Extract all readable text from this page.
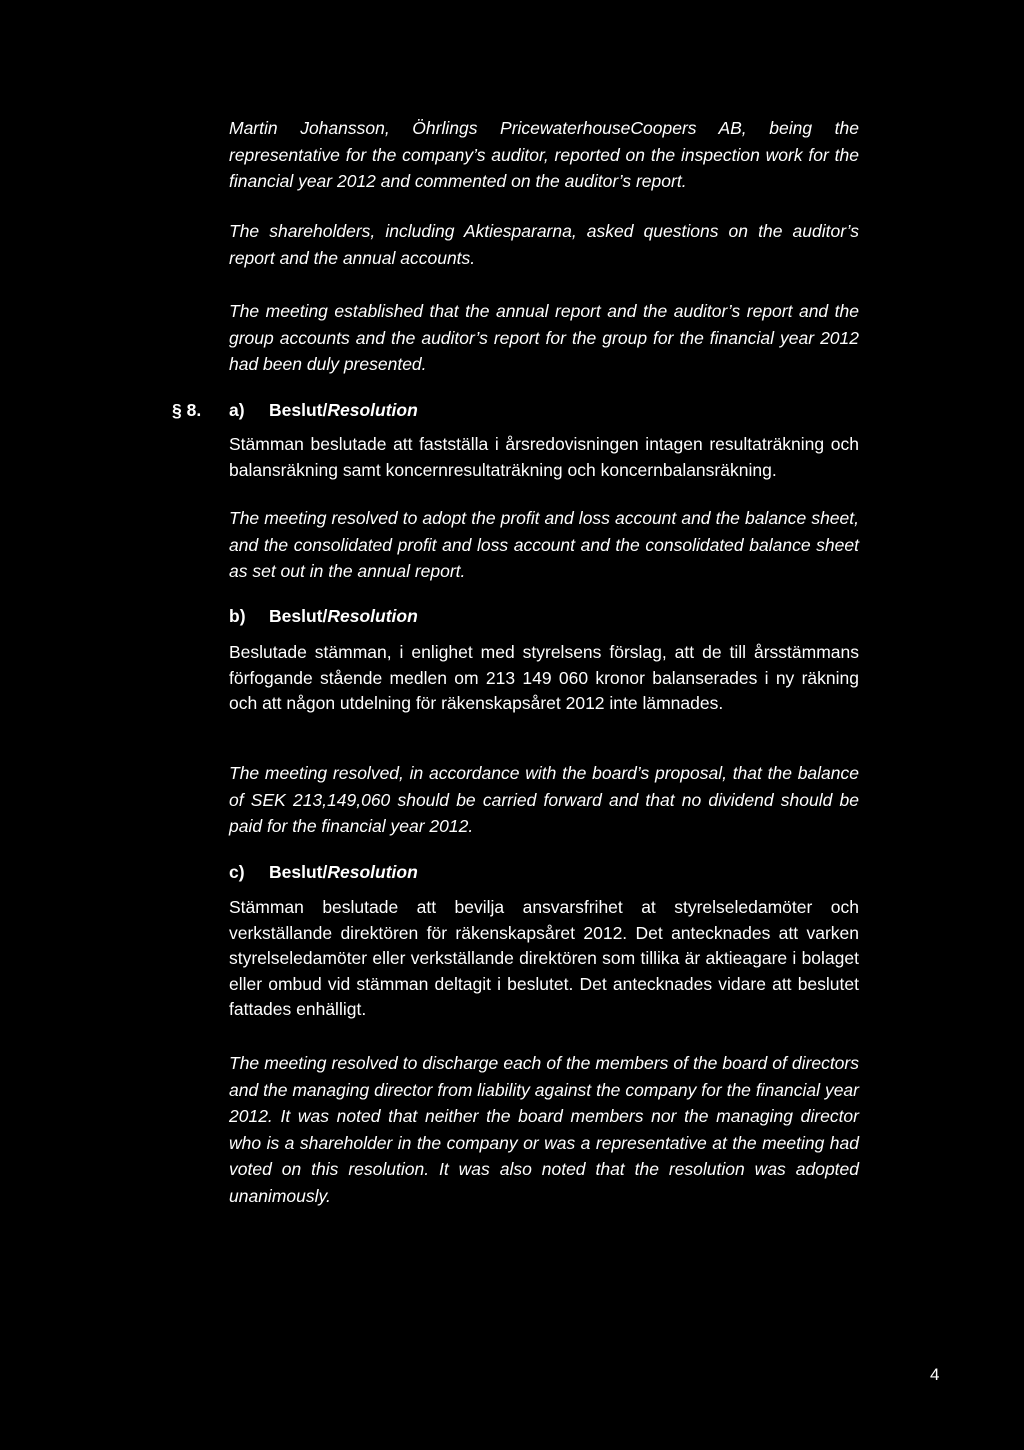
Martin Johansson, Öhrlings PricewaterhouseCoopers AB, being the representative for the company’s auditor, reported on the inspection work for the financial year 2012 and commented on the auditor’s report.

The shareholders, including Aktiespararna, asked questions on the auditor’s report and the annual accounts.

The meeting established that the annual report and the auditor’s report and the group accounts and the auditor’s report for the group for the financial year 2012 had been duly presented.

§ 8. a) Beslut/Resolution

Stämman beslutade att fastställa i årsredovisningen intagen resultaträkning och balansräkning samt koncernresultaträkning och koncernbalansräkning.

The meeting resolved to adopt the profit and loss account and the balance sheet, and the consolidated profit and loss account and the consolidated balance sheet as set out in the annual report.

b) Beslut/Resolution

Beslutade stämman, i enlighet med styrelsens förslag, att de till årsstämmans förfogande stående medlen om 213 149 060 kronor balanserades i ny räkning och att någon utdelning för räkenskapsåret 2012 inte lämnades.

The meeting resolved, in accordance with the board’s proposal, that the balance of SEK 213,149,060 should be carried forward and that no dividend should be paid for the financial year 2012.

c) Beslut/Resolution

Stämman beslutade att bevilja ansvarsfrihet at styrelseledamöter och verkställande direktören för räkenskapsåret 2012. Det antecknades att varken styrelseledamöter eller verkställande direktören som tillika är aktieagare i bolaget eller ombud vid stämman deltagit i beslutet. Det antecknades vidare att beslutet fattades enhälligt.

The meeting resolved to discharge each of the members of the board of directors and the managing director from liability against the company for the financial year 2012. It was noted that neither the board members nor the managing director who is a shareholder in the company or was a representative at the meeting had voted on this resolution. It was also noted that the resolution was adopted unanimously.

4
